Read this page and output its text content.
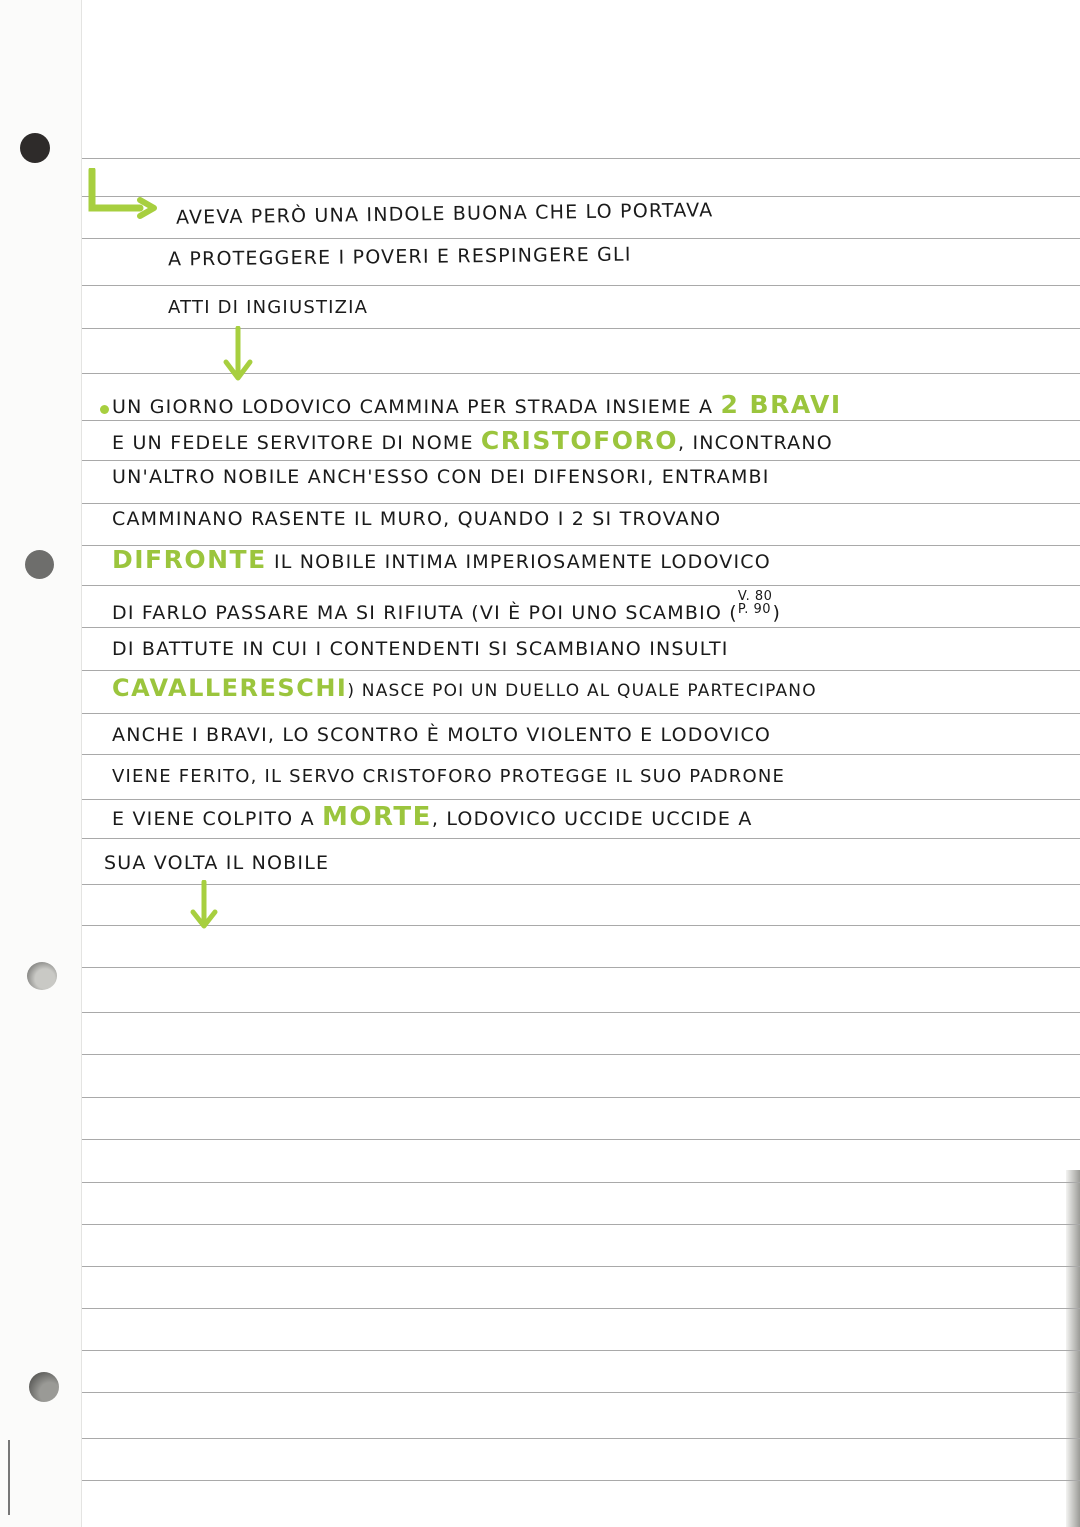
AVEVA PERÒ UNA INDOLE BUONA CHE LO PORTAVA
A PROTEGGERE I POVERI E RESPINGERE GLI
ATTI DI INGIUSTIZIA
UN GIORNO LODOVICO CAMMINA PER STRADA INSIEME A 2 BRAVI
E UN FEDELE SERVITORE DI NOME CRISTOFORO, INCONTRANO
UN'ALTRO NOBILE ANCH'ESSO CON DEI DIFENSORI, ENTRAMBI
CAMMINANO RASENTE IL MURO, QUANDO I 2 SI TROVANO
DIFRONTE IL NOBILE INTIMA IMPERIOSAMENTE LODOVICO
DI FARLO PASSARE MA SI RIFIUTA (VI È POI UNO SCAMBIO (V. 80
P. 90)
DI BATTUTE IN CUI I CONTENDENTI SI SCAMBIANO INSULTI
CAVALLERESCHI) NASCE POI UN DUELLO AL QUALE PARTECIPANO
ANCHE I BRAVI, LO SCONTRO È MOLTO VIOLENTO E LODOVICO
VIENE FERITO, IL SERVO CRISTOFORO PROTEGGE IL SUO PADRONE
E VIENE COLPITO A MORTE, LODOVICO UCCIDE UCCIDE A
SUA VOLTA IL NOBILE
